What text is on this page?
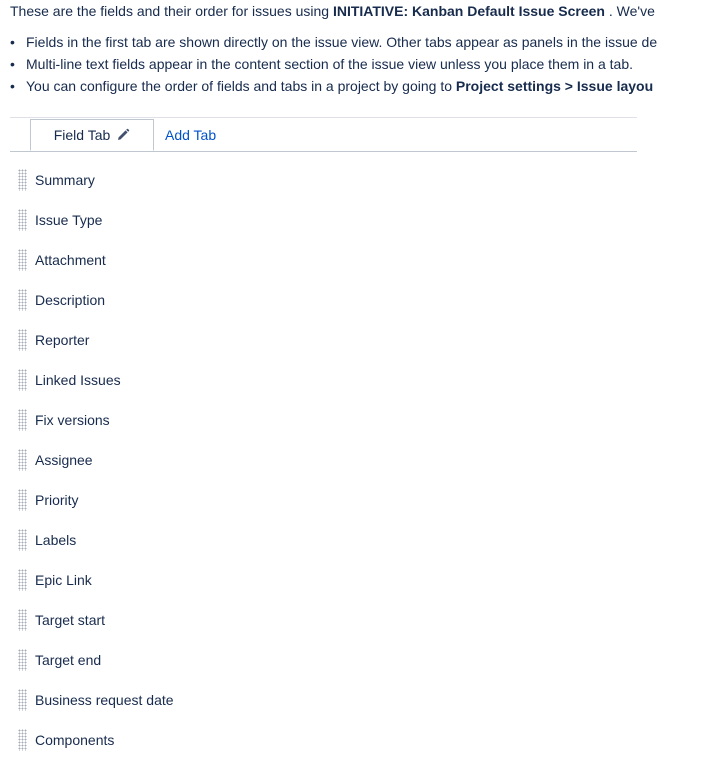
These are the fields and their order for issues using INITIATIVE: Kanban Default Issue Screen . We've
• Fields in the first tab are shown directly on the issue view. Other tabs appear as panels in the issue de
• Multi-line text fields appear in the content section of the issue view unless you place them in a tab.
• You can configure the order of fields and tabs in a project by going to Project settings > Issue layou
Field Tab	Add Tab
Summary
Issue Type
Attachment
Description
Reporter
Linked Issues
Fix versions
Assignee
Priority
Labels
Epic Link
Target start
Target end
Business request date
Components
